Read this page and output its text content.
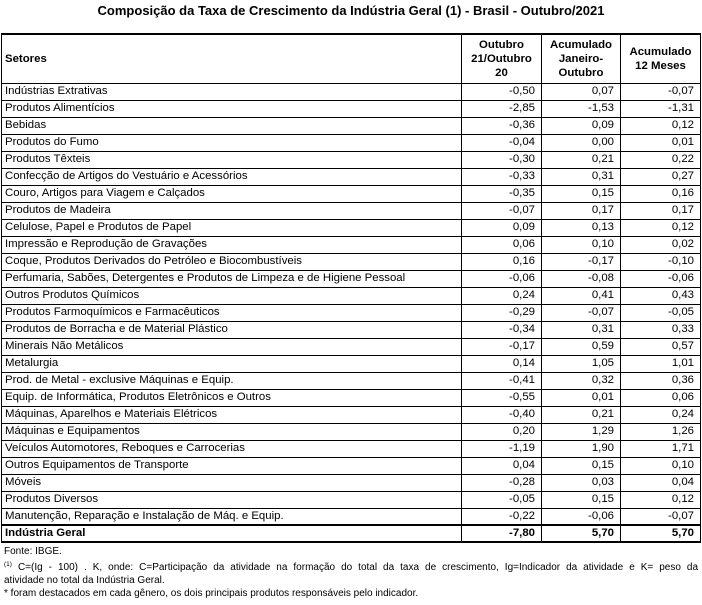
Composição da Taxa de Crescimento da Indústria Geral (1) - Brasil - Outubro/2021
Setores	Outubro 21/Outubro 20	Acumulado Janeiro-Outubro	Acumulado 12 Meses
Indústrias Extrativas	-0,50	0,07	-0,07
Produtos Alimentícios	-2,85	-1,53	-1,31
Bebidas	-0,36	0,09	0,12
Produtos do Fumo	-0,04	0,00	0,01
Produtos Têxteis	-0,30	0,21	0,22
Confecção de Artigos do Vestuário e Acessórios	-0,33	0,31	0,27
Couro, Artigos para Viagem e Calçados	-0,35	0,15	0,16
Produtos de Madeira	-0,07	0,17	0,17
Celulose, Papel e Produtos de Papel	0,09	0,13	0,12
Impressão e Reprodução de Gravações	0,06	0,10	0,02
Coque, Produtos Derivados do Petróleo e Biocombustíveis	0,16	-0,17	-0,10
Perfumaria, Sabões, Detergentes e Produtos de Limpeza e de Higiene Pessoal	-0,06	-0,08	-0,06
Outros Produtos Químicos	0,24	0,41	0,43
Produtos Farmoquímicos e Farmacêuticos	-0,29	-0,07	-0,05
Produtos de Borracha e de Material Plástico	-0,34	0,31	0,33
Minerais Não Metálicos	-0,17	0,59	0,57
Metalurgia	0,14	1,05	1,01
Prod. de Metal - exclusive Máquinas e Equip.	-0,41	0,32	0,36
Equip. de Informática, Produtos Eletrônicos e Outros	-0,55	0,01	0,06
Máquinas, Aparelhos e Materiais Elétricos	-0,40	0,21	0,24
Máquinas e Equipamentos	0,20	1,29	1,26
Veículos Automotores, Reboques e Carrocerias	-1,19	1,90	1,71
Outros Equipamentos de Transporte	0,04	0,15	0,10
Móveis	-0,28	0,03	0,04
Produtos Diversos	-0,05	0,15	0,12
Manutenção, Reparação e Instalação de Máq. e Equip.	-0,22	-0,06	-0,07
Indústria Geral	-7,80	5,70	5,70
Fonte: IBGE.
$^{(1)}$ C=(Ig - 100) . K, onde: C=Participação da atividade na formação do total da taxa de crescimento, Ig=Indicador da atividade e K= peso da
atividade no total da Indústria Geral.
* foram destacados em cada gênero, os dois principais produtos responsáveis pelo indicador.
